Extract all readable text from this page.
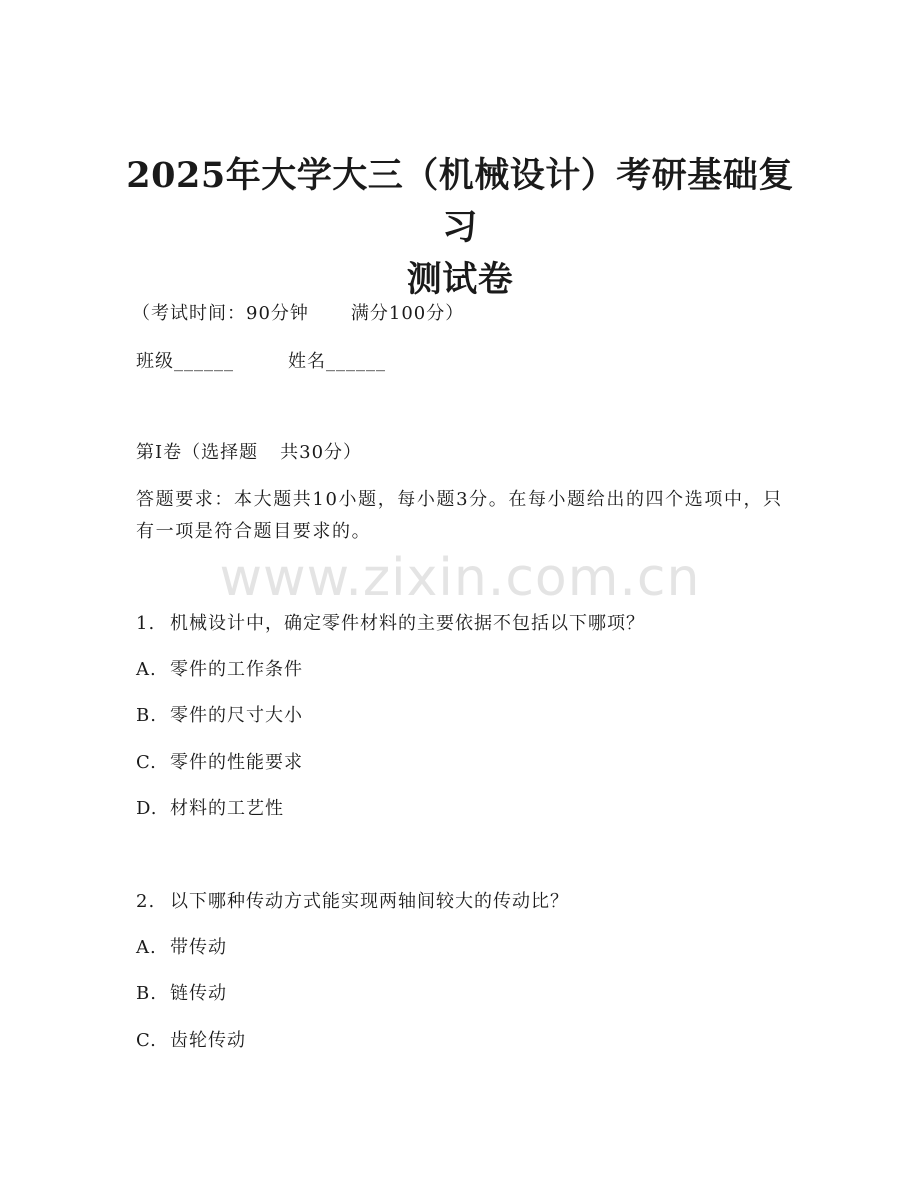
www.zixin.com.cn
2025年大学大三（机械设计）考研基础复习
测试卷
（考试时间：90分钟 满分100分）
班级______	姓名______
第Ⅰ卷（选择题 共30分）
答题要求：本大题共10小题，每小题3分。在每小题给出的四个选项中，只有一项是符合题目要求的。
1. 机械设计中，确定零件材料的主要依据不包括以下哪项？
A. 零件的工作条件
B. 零件的尺寸大小
C. 零件的性能要求
D. 材料的工艺性
2. 以下哪种传动方式能实现两轴间较大的传动比？
A. 带传动
B. 链传动
C. 齿轮传动
